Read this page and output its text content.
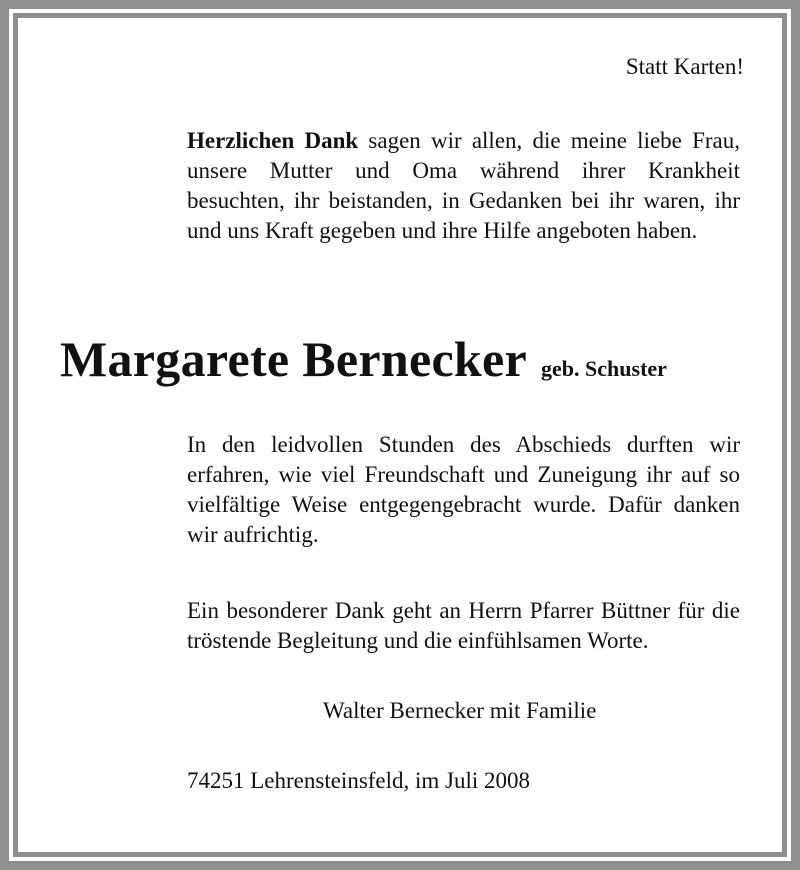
Statt Karten!
Herzlichen Dank sagen wir allen, die meine liebe Frau, unsere Mutter und Oma während ihrer Krankheit besuchten, ihr beistanden, in Gedanken bei ihr waren, ihr und uns Kraft gegeben und ihre Hilfe angeboten haben.
Margarete Bernecker geb. Schuster
In den leidvollen Stunden des Abschieds durften wir erfahren, wie viel Freundschaft und Zuneigung ihr auf so vielfältige Weise entgegengebracht wurde. Dafür danken wir aufrichtig.
Ein besonderer Dank geht an Herrn Pfarrer Büttner für die tröstende Begleitung und die einfühlsamen Worte.
Walter Bernecker mit Familie
74251 Lehrensteinsfeld, im Juli 2008
